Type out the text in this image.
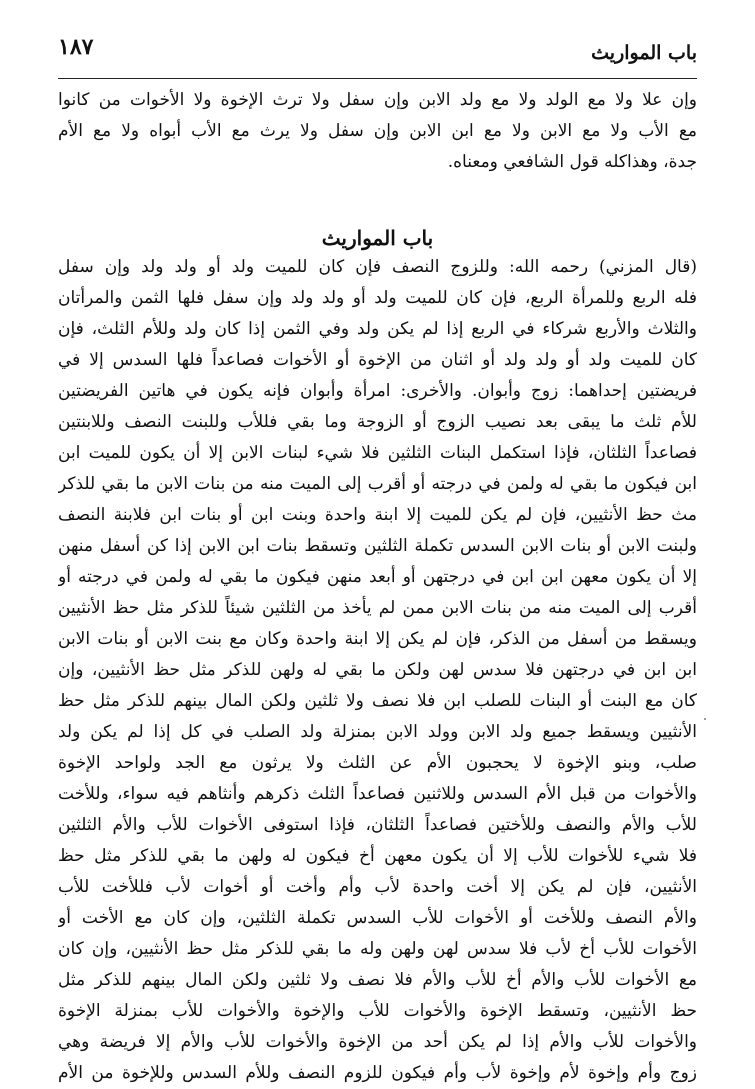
١٨٧	باب المواريث
وإن علا ولا مع الولد ولا مع ولد الابن وإن سفل ولا ترث الإخوة ولا الأخوات من كانوا
مع الأب ولا مع الابن ولا مع ابن الابن وإن سفل ولا يرث مع الأب أبواه ولا مع الأم
جدة، وهذاكله قول الشافعي ومعناه.
باب المواريث
(قال المزني) رحمه الله: وللزوج النصف فإن كان للميت ولد أو ولد ولد وإن سفل
فله الربع وللمرأة الربع، فإن كان للميت ولد أو ولد ولد وإن سفل فلها الثمن والمرأتان
والثلاث والأربع شركاء في الربع إذا لم يكن ولد وفي الثمن إذا كان ولد وللأم الثلث، فإن
كان للميت ولد أو ولد ولد أو اثنان من الإخوة أو الأخوات فصاعداً فلها السدس إلا في
فريضتين إحداهما: زوج وأبوان. والأخرى: امرأة وأبوان فإنه يكون في هاتين الفريضتين
للأم ثلث ما يبقى بعد نصيب الزوج أو الزوجة وما بقي فللأب وللبنت النصف وللابنتين
فصاعداً الثلثان، فإذا استكمل البنات الثلثين فلا شيء لبنات الابن إلا أن يكون للميت ابن
ابن فيكون ما بقي له ولمن في درجته أو أقرب إلى الميت منه من بنات الابن ما بقي للذكر
مث حظ الأنثيين، فإن لم يكن للميت إلا ابنة واحدة وبنت ابن أو بنات ابن فلابنة النصف
ولبنت الابن أو بنات الابن السدس تكملة الثلثين وتسقط بنات ابن الابن إذا كن أسفل منهن
إلا أن يكون معهن ابن ابن في درجتهن أو أبعد منهن فيكون ما بقي له ولمن في درجته أو
أقرب إلى الميت منه من بنات الابن ممن لم يأخذ من الثلثين شيئاً للذكر مثل حظ الأنثيين
ويسقط من أسفل من الذكر، فإن لم يكن إلا ابنة واحدة وكان مع بنت الابن أو بنات الابن
ابن ابن في درجتهن فلا سدس لهن ولكن ما بقي له ولهن للذكر مثل حظ الأنثيين، وإن
كان مع البنت أو البنات للصلب ابن فلا نصف ولا ثلثين ولكن المال بينهم للذكر مثل حظ
الأنثيين ويسقط جميع ولد الابن وولد الابن بمنزلة ولد الصلب في كل إذا لم يكن ولد
صلب، وبنو الإخوة لا يحجبون الأم عن الثلث ولا يرثون مع الجد ولواحد الإخوة
والأخوات من قبل الأم السدس وللاثنين فصاعداً الثلث ذكرهم وأنثاهم فيه سواء، وللأخت
للأب والأم والنصف وللأختين فصاعداً الثلثان، فإذا استوفى الأخوات للأب والأم الثلثين
فلا شيء للأخوات للأب إلا أن يكون معهن أخ فيكون له ولهن ما بقي للذكر مثل حظ
الأنثيين، فإن لم يكن إلا أخت واحدة لأب وأم وأخت أو أخوات لأب فللأخت للأب
والأم النصف وللأخت أو الأخوات للأب السدس تكملة الثلثين، وإن كان مع الأخت أو
الأخوات للأب أخ لأب فلا سدس لهن ولهن وله ما بقي للذكر مثل حظ الأنثيين، وإن كان
مع الأخوات للأب والأم أخ للأب والأم فلا نصف ولا ثلثين ولكن المال بينهم للذكر مثل
حظ الأنثيين، وتسقط الإخوة والأخوات للأب والإخوة والأخوات للأب بمنزلة الإخوة
والأخوات للأب والأم إذا لم يكن أحد من الإخوة والأخوات للأب والأم إلا فريضة وهي
زوج وأم وإخوة لأم وإخوة لأب وأم فيكون للزوم النصف وللأم السدس وللإخوة من الأم
